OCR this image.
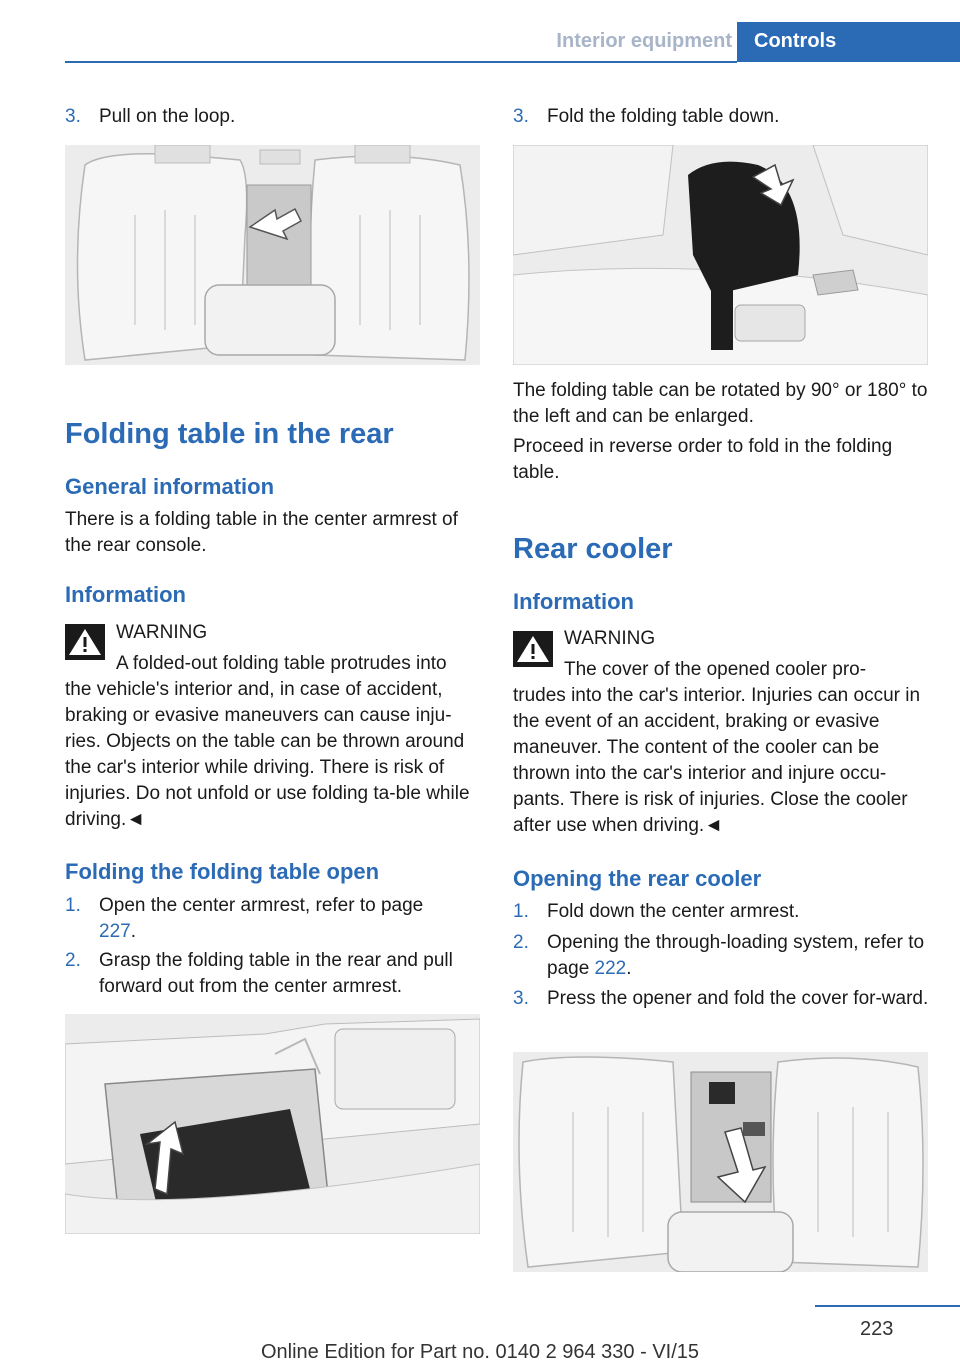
Interior equipment	Controls
3. Pull on the loop.
Folding table in the rear
General information
There is a folding table in the center armrest of the rear console.
Information
WARNING
A folded-out folding table protrudes into
the vehicle's interior and, in case of accident, braking or evasive maneuvers can cause inju-ries. Objects on the table can be thrown around the car's interior while driving. There is risk of injuries. Do not unfold or use folding ta-ble while driving.◄
Folding the folding table open
1. Open the center armrest, refer to page 227.
2. Grasp the folding table in the rear and pull forward out from the center armrest.
3. Fold the folding table down.
The folding table can be rotated by 90° or 180° to the left and can be enlarged.
Proceed in reverse order to fold in the folding table.
Rear cooler
Information
WARNING
The cover of the opened cooler pro-
trudes into the car's interior. Injuries can occur in the event of an accident, braking or evasive maneuver. The content of the cooler can be thrown into the car's interior and injure occu-pants. There is risk of injuries. Close the cooler after use when driving.◄
Opening the rear cooler
1. Fold down the center armrest.
2. Opening the through-loading system, refer to page 222.
3. Press the opener and fold the cover for-ward.
223
Online Edition for Part no. 0140 2 964 330 - VI/15
